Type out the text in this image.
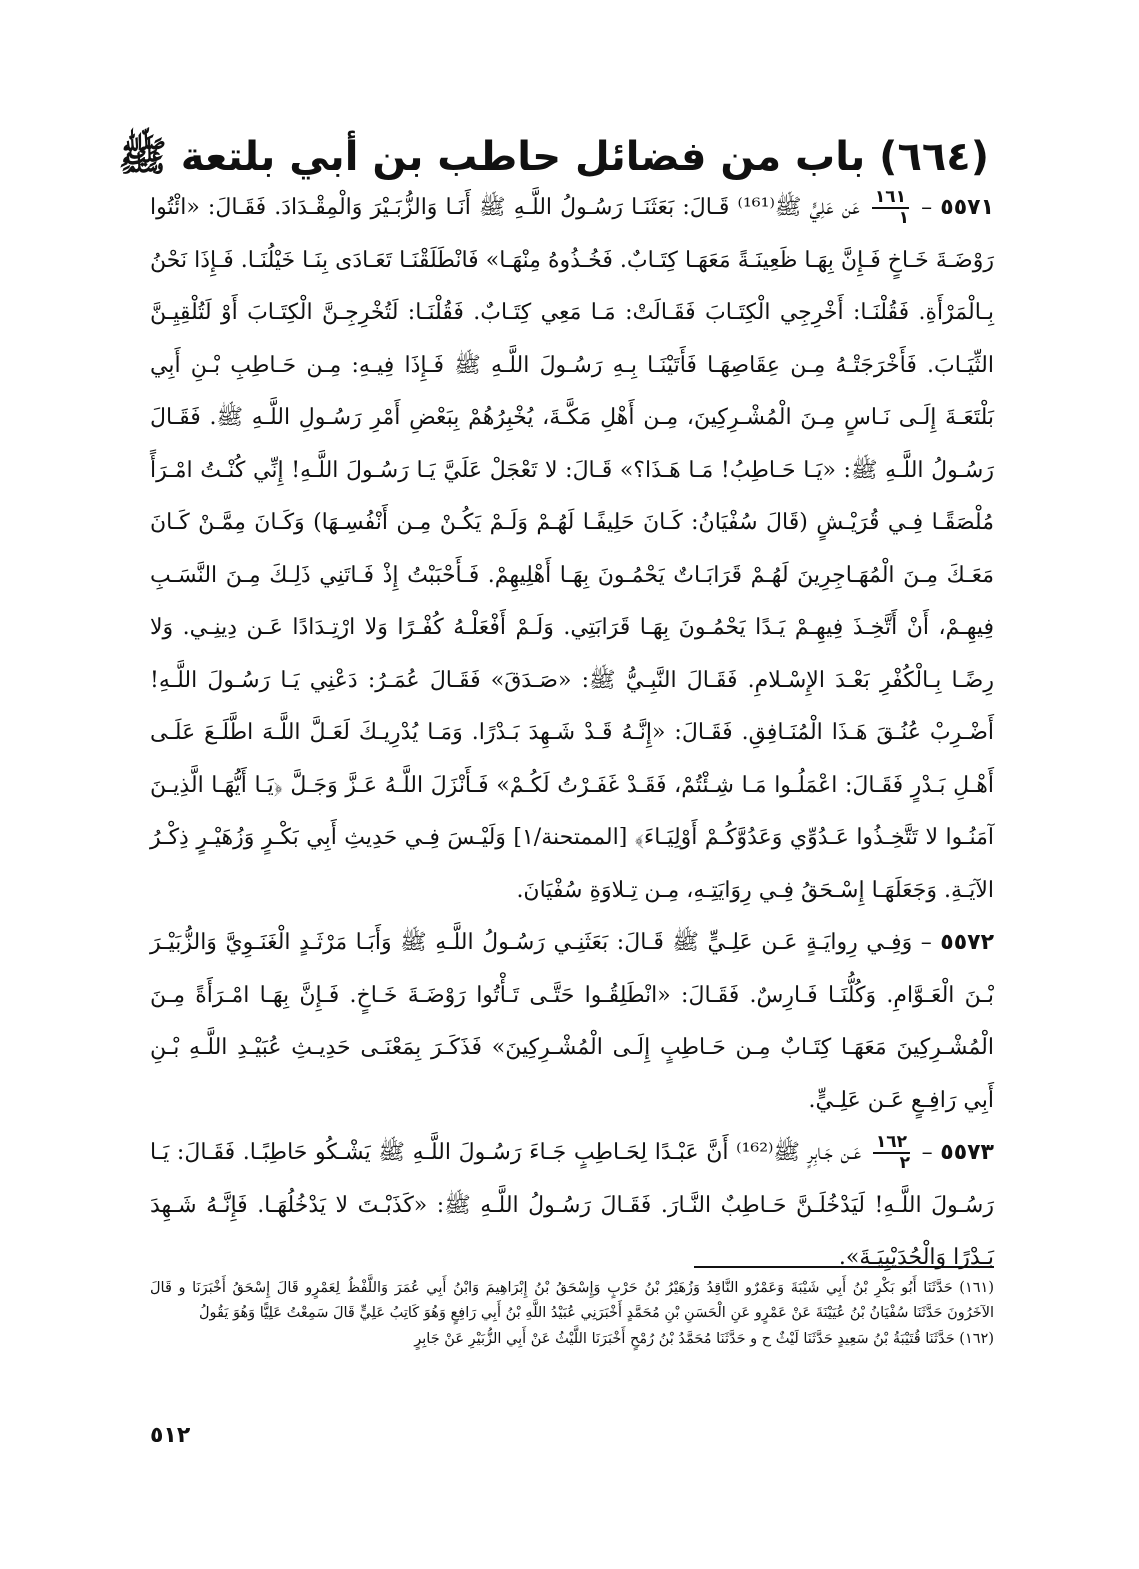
(٦٦٤) باب من فضائل حاطب بن أبي بلتعة ﷺ

٥٥٧١ –
$\frac{١٦١}{١}$
عَن عَلِيٍّ ﷺ⁽¹⁶¹⁾ قَـالَ: بَعَثَنَـا رَسُـولُ اللَّـهِ ﷺ أَنَـا وَالزُّبَـيْرَ وَالْمِقْـدَادَ. فَقَـالَ: «ائْتُوا رَوْضَـةَ خَـاخٍ فَـإِنَّ بِهَـا ظَعِينَـةً مَعَهَـا كِتَـابٌ. فَخُـذُوهُ مِنْهَـا» فَانْطَلَقْنَـا تَعَـادَى بِنَـا خَيْلُنَـا. فَـإِذَا نَحْنُ بِـالْمَرْأَةِ. فَقُلْنَـا: أَخْرِجِي الْكِتَـابَ فَقَـالَتْ: مَـا مَعِي كِتَـابٌ. فَقُلْنَـا: لَتُخْرِجِـنَّ الْكِتَـابَ أَوْ لَتُلْقِيِـنَّ الثِّيَـابَ. فَأَخْرَجَتْـهُ مِـن عِقَاصِهَـا فَأَتَيْنَـا بِـهِ رَسُـولَ اللَّـهِ ﷺ فَـإِذَا فِيـهِ: مِـن حَـاطِبِ بْـنِ أَبِي بَلْتَعَـةَ إِلَـى نَـاسٍ مِـنَ الْمُشْـرِكِينَ، مِـن أَهْلِ مَكَّـةَ، يُخْبِرُهُمْ بِبَعْضِ أَمْرِ رَسُـولِ اللَّـهِ ﷺ. فَقَـالَ رَسُـولُ اللَّـهِ ﷺ: «يَـا حَـاطِبُ! مَـا هَـذَا؟» قَـالَ: لا تَعْجَلْ عَلَيَّ يَـا رَسُـولَ اللَّـهِ! إِنِّي كُنْـتُ امْـرَأً مُلْصَقًـا فِـي قُرَيْـشٍ (قَالَ سُفْيَانُ: كَـانَ حَلِيفًـا لَهُـمْ وَلَـمْ يَكُـنْ مِـن أَنْفُسِـهَا) وَكَـانَ مِمَّـنْ كَـانَ مَعَـكَ مِـنَ الْمُهَـاجِرِينَ لَهُـمْ قَرَابَـاتٌ يَحْمُـونَ بِهَـا أَهْلِيهِمْ. فَـأَحْبَبْتُ إِذْ فَـاتَنِي ذَلِـكَ مِـنَ النَّسَـبِ فِيهِـمْ، أَنْ أَتَّخِـذَ فِيهِـمْ يَـدًا يَحْمُـونَ بِهَـا قَرَابَتِي. وَلَـمْ أَفْعَلْـهُ كُفْـرًا وَلا ارْتِـدَادًا عَـن دِينِـي. وَلا رِضًـا بِـالْكُفْرِ بَعْـدَ الإِسْـلامِ. فَقَـالَ النَّبِـيُّ ﷺ: «صَـدَقَ» فَقَـالَ عُمَـرُ: دَعْنِي يَـا رَسُـولَ اللَّـهِ! أَضْـرِبْ عُنُـقَ هَـذَا الْمُنَـافِقِ. فَقَـالَ: «إِنَّـهُ قَـدْ شَـهِدَ بَـدْرًا. وَمَـا يُدْرِيـكَ لَعَـلَّ اللَّـهَ اطَّلَـعَ عَلَـى أَهْـلِ بَـدْرٍ فَقَـالَ: اعْمَلُـوا مَـا شِـئْتُمْ، فَقَـدْ غَفَـرْتُ لَكُـمْ» فَـأَنْزَلَ اللَّـهُ عَـزَّ وَجَـلَّ ﴿يَـا أَيُّهَـا الَّذِيـنَ آمَنُـوا لا تَتَّخِـذُوا عَـدُوِّي وَعَدُوَّكُـمْ أَوْلِيَـاءَ﴾ [الممتحنة/١] وَلَيْـسَ فِـي حَدِيثِ أَبِي بَكْـرٍ وَزُهَيْـرٍ ذِكْـرُ الآيَـةِ. وَجَعَلَهَـا إِسْـحَقُ فِـي رِوَايَتِـهِ، مِـن تِـلاوَةِ سُفْيَانَ.

٥٥٧٢ – وَفِـي رِوايَـةٍ عَـن عَلِـيٍّ ﷺ قَـالَ: بَعَثَنِـي رَسُـولُ اللَّـهِ ﷺ وَأَبَـا مَرْثَـدٍ الْغَنَـوِيَّ وَالزُّبَيْـرَ بْـنَ الْعَـوَّامِ. وَكُلُّنَـا فَـارِسٌ. فَقَـالَ: «انْطَلِقُـوا حَتَّـى تَـأْتُوا رَوْضَـةَ خَـاخٍ. فَـإِنَّ بِهَـا امْـرَأَةً مِـنَ الْمُشْـرِكِينَ مَعَهَـا كِتَـابٌ مِـن حَـاطِبٍ إِلَـى الْمُشْـرِكِينَ» فَذَكَـرَ بِمَعْنَـى حَدِيـثِ عُبَيْـدِ اللَّـهِ بْـنِ أَبِي رَافِـعٍ عَـن عَلِـيٍّ.

٥٥٧٣ –
$\frac{١٦٢}{٢}$
عَـن جَـابِرٍ ﷺ⁽¹⁶²⁾ أَنَّ عَبْـدًا لِحَـاطِبٍ جَـاءَ رَسُـولَ اللَّـهِ ﷺ يَشْـكُو حَاطِبًـا. فَقَـالَ: يَـا رَسُـولَ اللَّـهِ! لَيَدْخُلَـنَّ حَـاطِبٌ النَّـارَ. فَقَـالَ رَسُـولُ اللَّـهِ ﷺ: «كَذَبْـتَ لا يَدْخُلُهَـا. فَإِنَّـهُ شَـهِدَ بَـدْرًا وَالْحُدَيْبِيَـةَ».

(١٦١) حَدَّثَنَا أَبُو بَكْرِ بْنُ أَبِي شَيْبَةَ وَعَمْرٌو النَّاقِدُ وَزُهَيْرُ بْنُ حَرْبٍ وَإِسْحَقُ بْنُ إِبْرَاهِيمَ وَابْنُ أَبِي عُمَرَ وَاللَّفْظُ لِعَمْرٍو قَالَ إِسْحَقُ أَخْبَرَنَا و قَالَ الآخَرُونَ حَدَّثَنَا سُفْيَانُ بْنُ عُيَيْنَةَ عَنْ عَمْرٍو عَنِ الْحَسَنِ بْنِ مُحَمَّدٍ أَخْبَرَنِي عُبَيْدُ اللَّهِ بْنُ أَبِي رَافِعٍ وَهُوَ كَاتِبُ عَلِيٍّ قَالَ سَمِعْتُ عَلِيًّا وَهُوَ يَقُولُ

(١٦٢) حَدَّثَنَا قُتَيْبَةُ بْنُ سَعِيدٍ حَدَّثَنَا لَيْثٌ ح و حَدَّثَنَا مُحَمَّدُ بْنُ رُمْحٍ أَخْبَرَنَا اللَّيْثُ عَنْ أَبِي الزُّبَيْرِ عَنْ جَابِرٍ

٥١٢
